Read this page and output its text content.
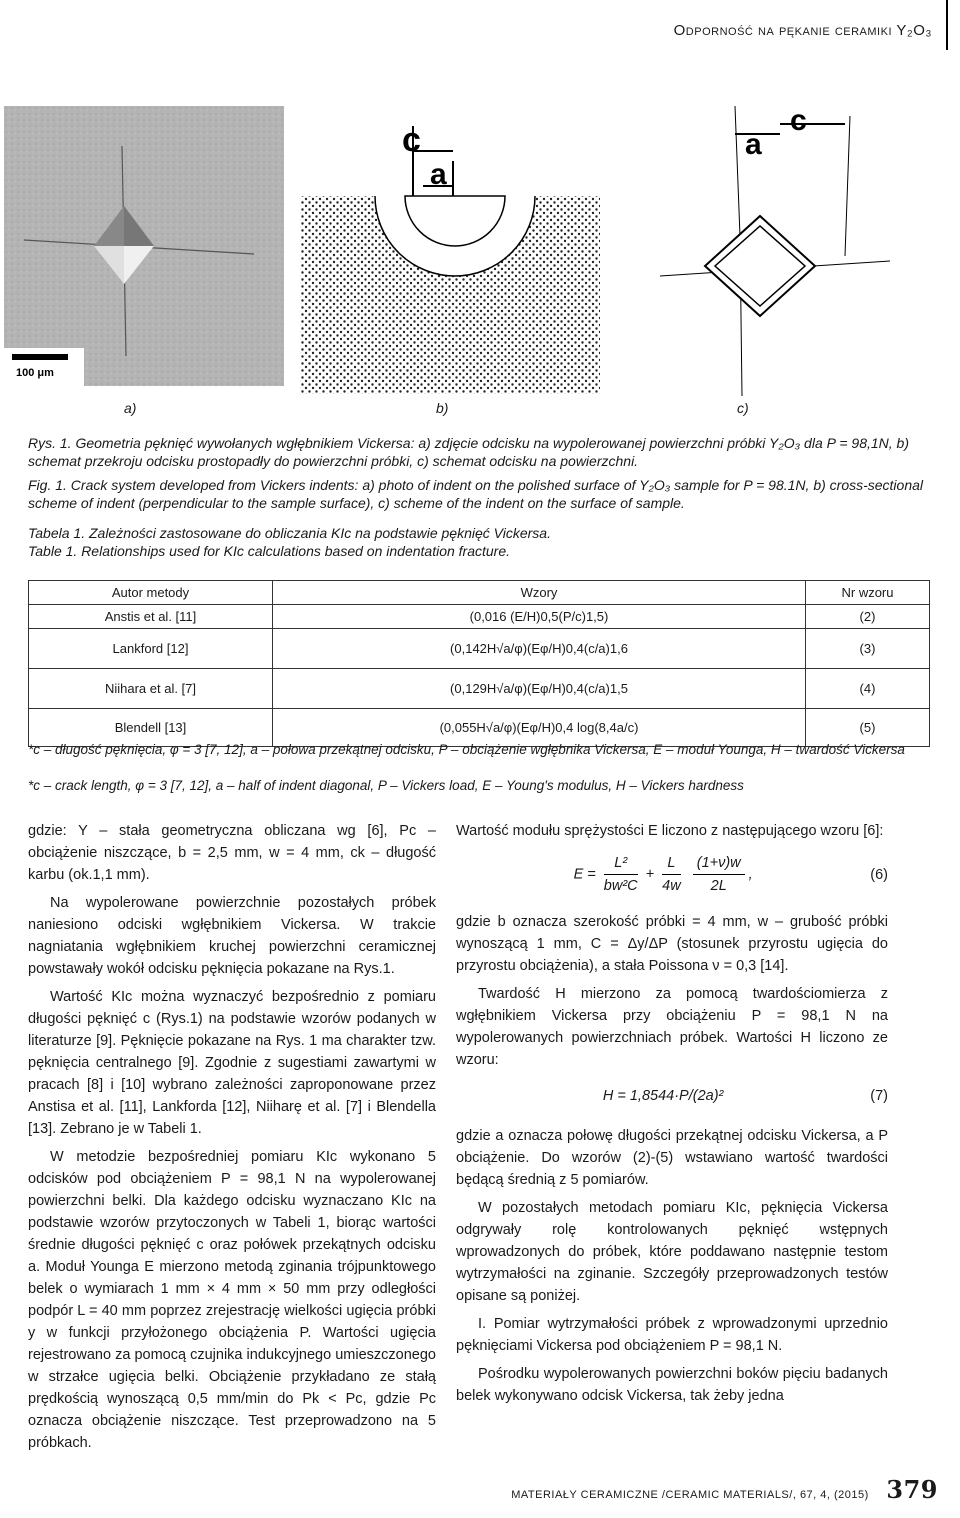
Odporność na pękanie ceramiki Y₂O₃
100 μm
c
a
a
c
a)	b)	c)
Rys. 1. Geometria pęknięć wywołanych wgłębnikiem Vickersa: a) zdjęcie odcisku na wypolerowanej powierzchni próbki Y₂O₃ dla P = 98,1N, b) schemat przekroju odcisku prostopadły do powierzchni próbki, c) schemat odcisku na powierzchni.
Fig. 1. Crack system developed from Vickers indents: a) photo of indent on the polished surface of Y₂O₃ sample for P = 98.1N, b) cross-sectional scheme of indent (perpendicular to the sample surface), c) scheme of the indent on the surface of sample.
Tabela 1. Zależności zastosowane do obliczania KIc na podstawie pęknięć Vickersa.
Table 1. Relationships used for KIc calculations based on indentation fracture.
Autor metody	Wzory	Nr wzoru
Anstis et al. [11]	(0,016 (E/H)0,5(P/c)1,5)	(2)
Lankford [12]	(0,142H√a/φ)(Eφ/H)0,4(c/a)1,6	(3)
Niihara et al. [7]	(0,129H√a/φ)(Eφ/H)0,4(c/a)1,5	(4)
Blendell [13]	(0,055H√a/φ)(Eφ/H)0,4 log(8,4a/c)	(5)
*c – długość pęknięcia, φ = 3 [7, 12], a – połowa przekątnej odcisku, P – obciążenie wgłębnika Vickersa, E – moduł Younga, H – twardość Vickersa
*c – crack length, φ = 3 [7, 12], a – half of indent diagonal, P – Vickers load, E – Young's modulus, H – Vickers hardness

gdzie: Y – stała geometryczna obliczana wg [6], Pc – obciążenie niszczące, b = 2,5 mm, w = 4 mm, ck – długość karbu (ok.1,1 mm).

Na wypolerowane powierzchnie pozostałych próbek naniesiono odciski wgłębnikiem Vickersa. W trakcie nagniatania wgłębnikiem kruchej powierzchni ceramicznej powstawały wokół odcisku pęknięcia pokazane na Rys.1.

Wartość KIc można wyznaczyć bezpośrednio z pomiaru długości pęknięć c (Rys.1) na podstawie wzorów podanych w literaturze [9]. Pęknięcie pokazane na Rys. 1 ma charakter tzw. pęknięcia centralnego [9]. Zgodnie z sugestiami zawartymi w pracach [8] i [10] wybrano zależności zaproponowane przez Anstisa et al. [11], Lankforda [12], Niiharę et al. [7] i Blendella [13]. Zebrano je w Tabeli 1.

W metodzie bezpośredniej pomiaru KIc wykonano 5 odcisków pod obciążeniem P = 98,1 N na wypolerowanej powierzchni belki. Dla każdego odcisku wyznaczano KIc na podstawie wzorów przytoczonych w Tabeli 1, biorąc wartości średnie długości pęknięć c oraz połówek przekątnych odcisku a. Moduł Younga E mierzono metodą zginania trójpunktowego belek o wymiarach 1 mm × 4 mm × 50 mm przy odległości podpór L = 40 mm poprzez zrejestrację wielkości ugięcia próbki y w funkcji przyłożonego obciążenia P. Wartości ugięcia rejestrowano za pomocą czujnika indukcyjnego umieszczonego w strzałce ugięcia belki. Obciążenie przykładano ze stałą prędkością wynoszącą 0,5 mm/min do Pk < Pc, gdzie Pc oznacza obciążenie niszczące. Test przeprowadzono na 5 próbkach.

Wartość modułu sprężystości E liczono z następującego wzoru [6]:

$E = \frac{\text{L²}}{\text{bw²C}} + \frac{L}{4w}$
$\frac{(1+\nu)w}{2L}$ ,	(6)

gdzie b oznacza szerokość próbki = 4 mm, w – grubość próbki wynoszącą 1 mm, C = Δy/ΔP (stosunek przyrostu ugięcia do przyrostu obciążenia), a stała Poissona ν = 0,3 [14].

Twardość H mierzono za pomocą twardościomierza z wgłębnikiem Vickersa przy obciążeniu P = 98,1 N na wypolerowanych powierzchniach próbek. Wartości H liczono ze wzoru:

H = 1,8544·P/(2a)²	(7)

gdzie a oznacza połowę długości przekątnej odcisku Vickersa, a P obciążenie. Do wzorów (2)-(5) wstawiano wartość twardości będącą średnią z 5 pomiarów.

W pozostałych metodach pomiaru KIc, pęknięcia Vickersa odgrywały rolę kontrolowanych pęknięć wstępnych wprowadzonych do próbek, które poddawano następnie testom wytrzymałości na zginanie. Szczegóły przeprowadzonych testów opisane są poniżej.

I. Pomiar wytrzymałości próbek z wprowadzonymi uprzednio pęknięciami Vickersa pod obciążeniem P = 98,1 N.

Pośrodku wypolerowanych powierzchni boków pięciu badanych belek wykonywano odcisk Vickersa, tak żeby jedna

MATERIAŁY CERAMICZNE /CERAMIC MATERIALS/, 67, 4, (2015) 379
